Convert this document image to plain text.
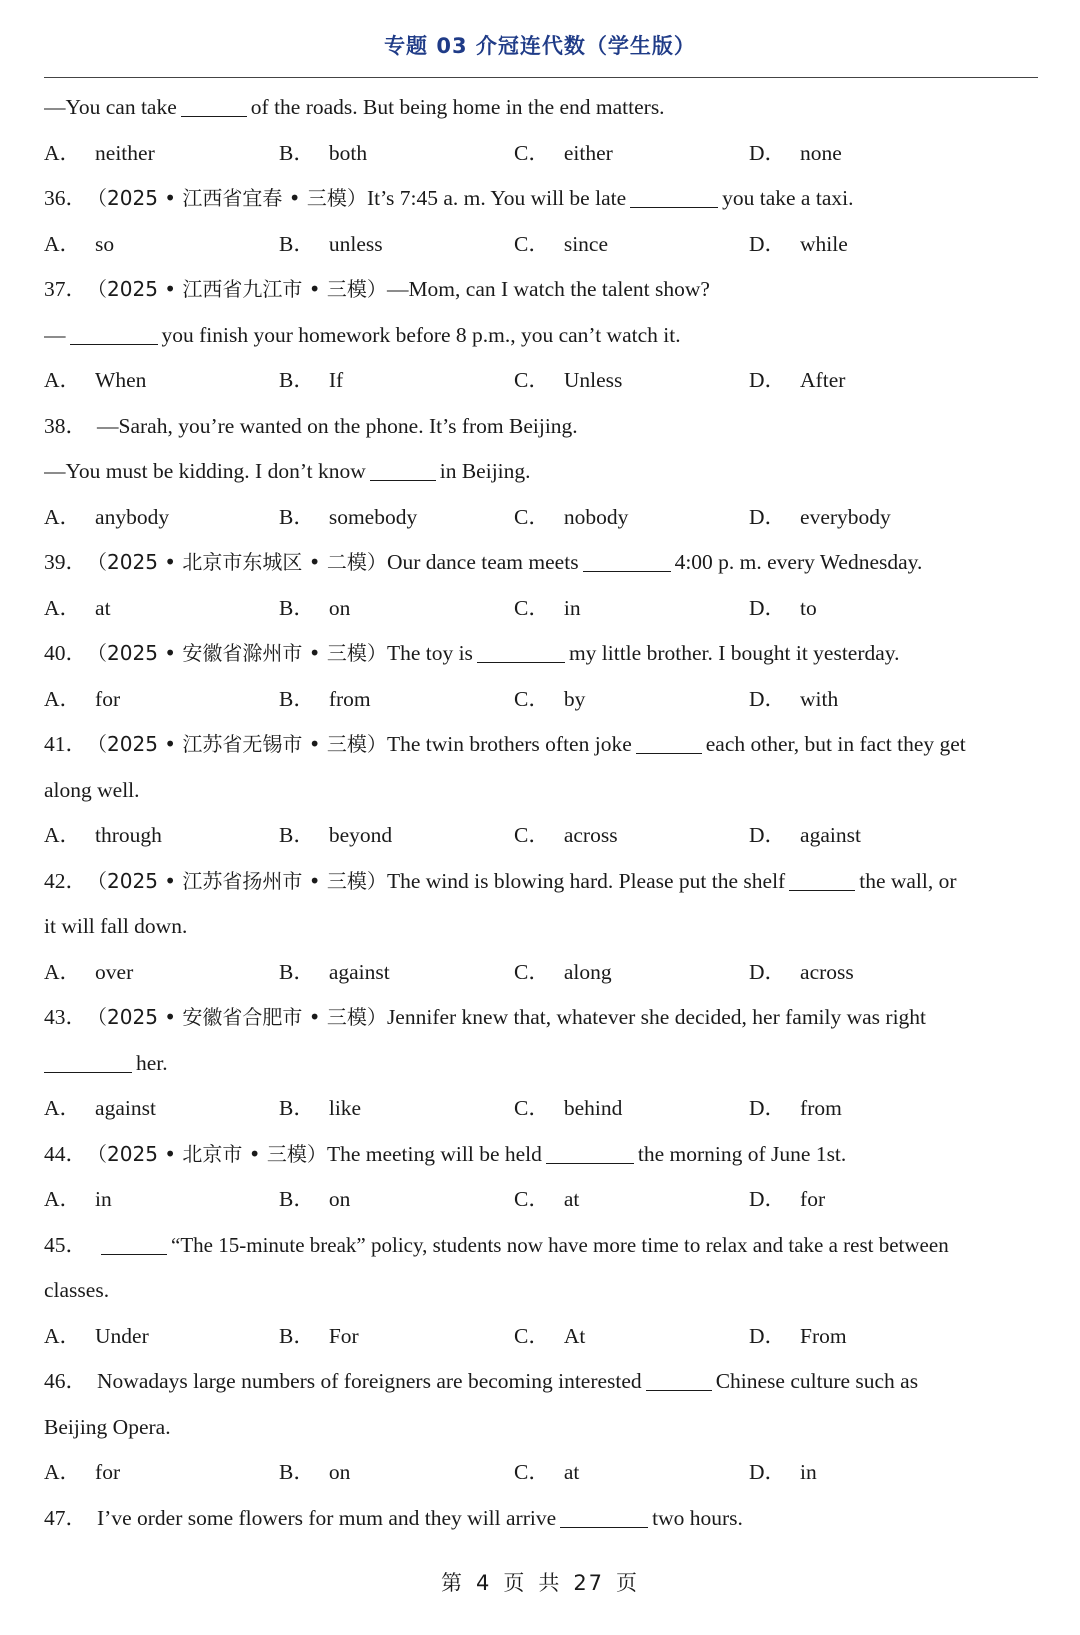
专题 03 介冠连代数（学生版）
—You can take	of the roads. But being home in the end matters.
A． neither	B． both	C． either	D． none
36． （2025 • 江西省宜春 • 三模）It’s 7:45 a. m. You will be late	you take a taxi.
A． so	B． unless	C． since	D． while
37． （2025 • 江西省九江市 • 三模）—Mom, can I watch the talent show?
—	you finish your homework before 8 p.m., you can’t watch it.
A． When	B． If	C． Unless	D． After
38． —Sarah, you’re wanted on the phone. It’s from Beijing.
—You must be kidding. I don’t know	in Beijing.
A． anybody	B． somebody	C． nobody	D． everybody
39． （2025 • 北京市东城区 • 二模）Our dance team meets	4:00 p. m. every Wednesday.
A． at	B． on	C． in	D． to
40． （2025 • 安徽省滁州市 • 三模）The toy is	my little brother. I bought it yesterday.
A． for	B． from	C． by	D． with
41． （2025 • 江苏省无锡市 • 三模）The twin brothers often joke	each other, but in fact they get
along well.
A． through	B． beyond	C． across	D． against
42． （2025 • 江苏省扬州市 • 三模）The wind is blowing hard. Please put the shelf	the wall, or
it will fall down.
A． over	B． against	C． along	D． across
43． （2025 • 安徽省合肥市 • 三模）Jennifer knew that, whatever she decided, her family was right
her.
A． against	B． like	C． behind	D． from
44． （2025 • 北京市 • 三模）The meeting will be held	the morning of June 1st.
A． in	B． on	C． at	D． for
45．	“The 15-minute break” policy, students now have more time to relax and take a rest between
classes.
A． Under	B． For	C． At	D． From
46． Nowadays large numbers of foreigners are becoming interested	Chinese culture such as
Beijing Opera.
A． for	B． on	C． at	D． in
47． I’ve order some flowers for mum and they will arrive	two hours.
第 4 页 共 27 页
